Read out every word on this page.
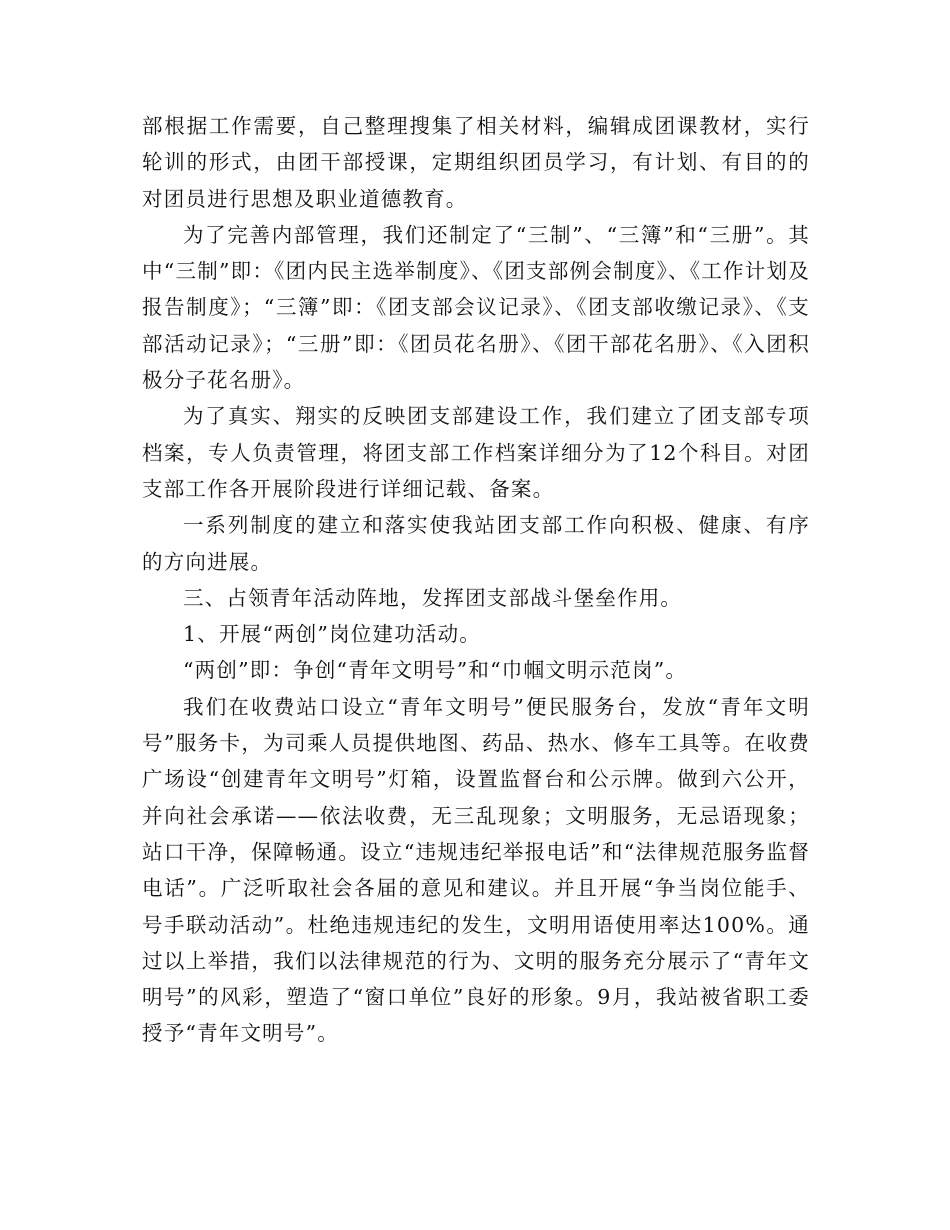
部根据工作需要，自己整理搜集了相关材料，编辑成团课教材，实行轮训的形式，由团干部授课，定期组织团员学习，有计划、有目的的对团员进行思想及职业道德教育。

为了完善内部管理，我们还制定了“三制”、“三簿”和“三册”。其中“三制”即：《团内民主选举制度》、《团支部例会制度》、《工作计划及报告制度》；“三簿”即：《团支部会议记录》、《团支部收缴记录》、《支部活动记录》；“三册”即：《团员花名册》、《团干部花名册》、《入团积极分子花名册》。

为了真实、翔实的反映团支部建设工作，我们建立了团支部专项档案，专人负责管理，将团支部工作档案详细分为了12个科目。对团支部工作各开展阶段进行详细记载、备案。

一系列制度的建立和落实使我站团支部工作向积极、健康、有序的方向进展。

三、占领青年活动阵地，发挥团支部战斗堡垒作用。

1、开展“两创”岗位建功活动。

“两创”即：争创“青年文明号”和“巾帼文明示范岗”。

我们在收费站口设立“青年文明号”便民服务台，发放“青年文明号”服务卡，为司乘人员提供地图、药品、热水、修车工具等。在收费广场设“创建青年文明号”灯箱，设置监督台和公示牌。做到六公开，并向社会承诺——依法收费，无三乱现象；文明服务，无忌语现象；站口干净，保障畅通。设立“违规违纪举报电话”和“法律规范服务监督电话”。广泛听取社会各届的意见和建议。并且开展“争当岗位能手、号手联动活动”。杜绝违规违纪的发生，文明用语使用率达100%。通过以上举措，我们以法律规范的行为、文明的服务充分展示了“青年文明号”的风彩，塑造了“窗口单位”良好的形象。9月，我站被省职工委授予“青年文明号”。
